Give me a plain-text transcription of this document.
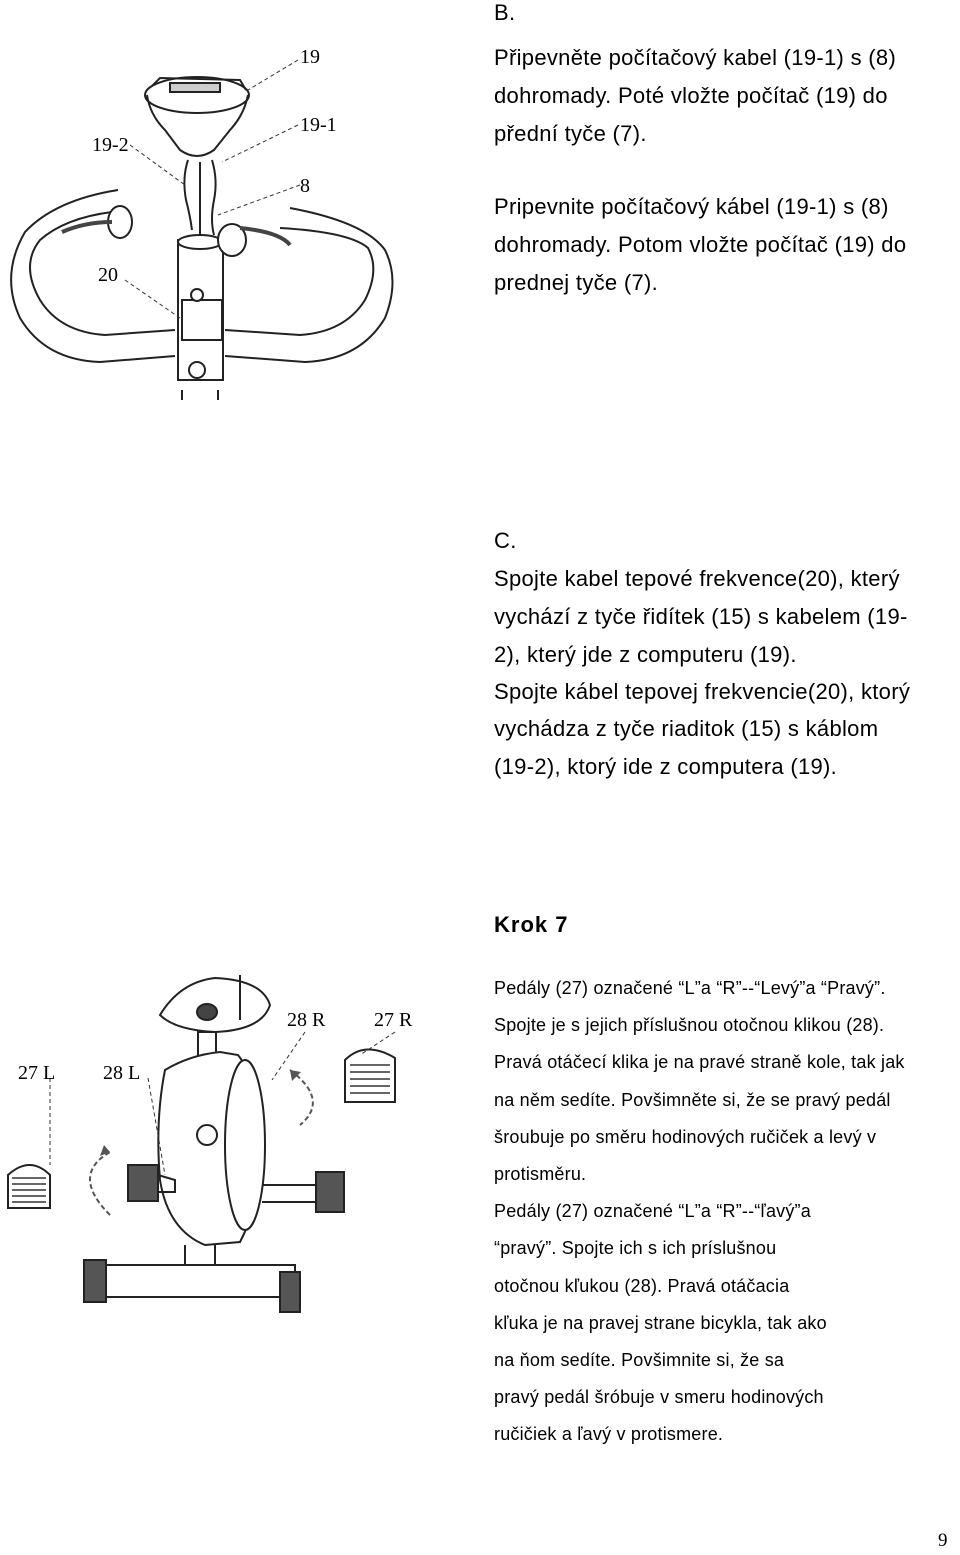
B.
Připevněte počítačový kabel (19-1) s (8)
dohromady. Poté vložte počítač (19) do
přední tyče (7).
Pripevnite počítačový kábel (19-1) s (8)
dohromady. Potom vložte počítač (19) do
prednej tyče (7).
19
19-1
19-2
8
20
C.
Spojte kabel tepové frekvence(20), který
vychází z tyče řidítek (15) s kabelem (19-
2), který jde z computeru (19).
Spojte kábel tepovej frekvencie(20), ktorý
vychádza z tyče riaditok (15) s káblom
(19-2), ktorý ide z computera (19).
Krok 7
Pedály (27) označené “L”a “R”--“Levý”a “Pravý”.
Spojte je s jejich příslušnou otočnou klikou (28).
Pravá otáčecí klika je na pravé straně kole, tak jak
na něm sedíte. Povšimněte si, že se pravý pedál
šroubuje po směru hodinových ručiček a levý v
protisměru.
Pedály (27) označené “L”a “R”--“ľavý”a
“pravý”. Spojte ich s ich príslušnou
otočnou kľukou (28). Pravá otáčacia
kľuka je na pravej strane bicykla, tak ako
na ňom sedíte. Povšimnite si, že sa
pravý pedál šróbuje v smeru hodinových
ručičiek a ľavý v protismere.
27 L 28 L
28 R 27 R
9
